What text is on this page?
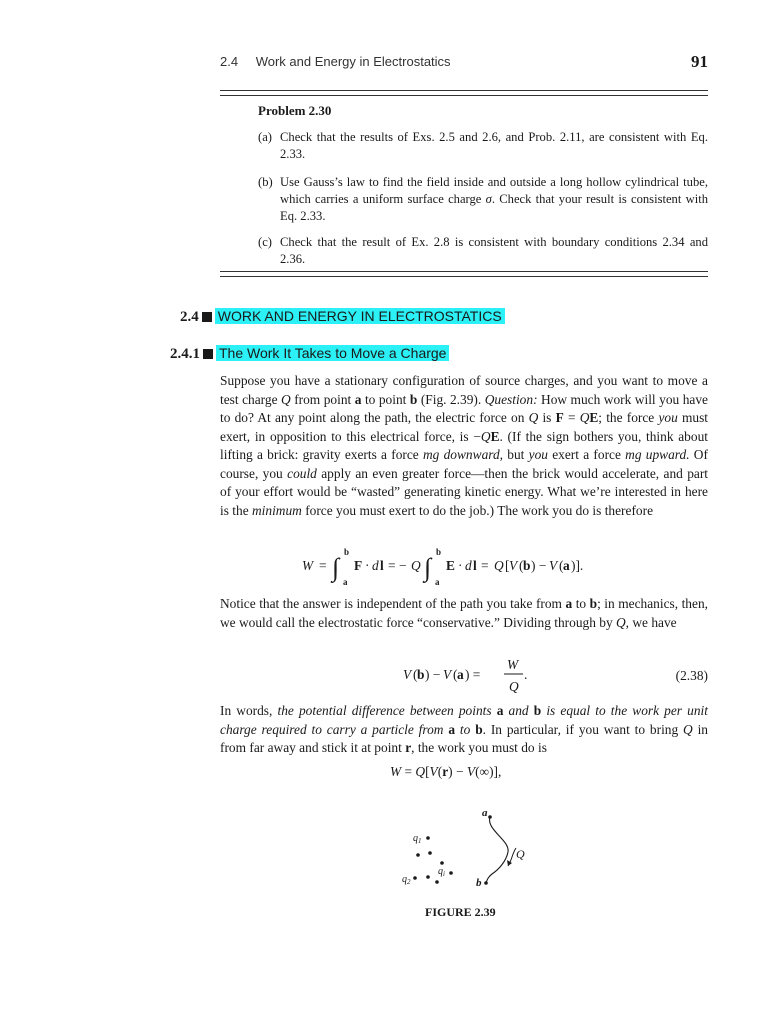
2.4 Work and Energy in Electrostatics	91
Problem 2.30
(a) Check that the results of Exs. 2.5 and 2.6, and Prob. 2.11, are consistent with Eq. 2.33.
(b) Use Gauss’s law to find the field inside and outside a long hollow cylindrical tube, which carries a uniform surface charge σ. Check that your result is consistent with Eq. 2.33.
(c) Check that the result of Ex. 2.8 is consistent with boundary conditions 2.34 and 2.36.
2.4 WORK AND ENERGY IN ELECTROSTATICS
2.4.1 The Work It Takes to Move a Charge
Suppose you have a stationary configuration of source charges, and you want to move a test charge Q from point a to point b (Fig. 2.39). Question: How much work will you have to do? At any point along the path, the electric force on Q is F = QE; the force you must exert, in opposition to this electrical force, is −QE. (If the sign bothers you, think about lifting a brick: gravity exerts a force mg downward, but you exert a force mg upward. Of course, you could apply an even greater force—then the brick would accelerate, and part of your effort would be “wasted” generating kinetic energy. What we’re interested in here is the minimum force you must exert to do the job.) The work you do is therefore
W = ∫
b
a
F · d l = − Q ∫
b
a
E · d l = Q [ V ( b ) − V ( a )].
Notice that the answer is independent of the path you take from a to b; in mechanics, then, we would call the electrostatic force “conservative.” Dividing through by Q, we have
V ( b ) − V ( a ) =
W
Q
.	(2.38)
In words, the potential difference between points a and b is equal to the work per unit charge required to carry a particle from a to b. In particular, if you want to bring Q in from far away and stick it at point r, the work you must do is
W = Q[V(r) − V(∞)],
$q_1$
$q_2$
$q_i$
a
b
Q
FIGURE 2.39
